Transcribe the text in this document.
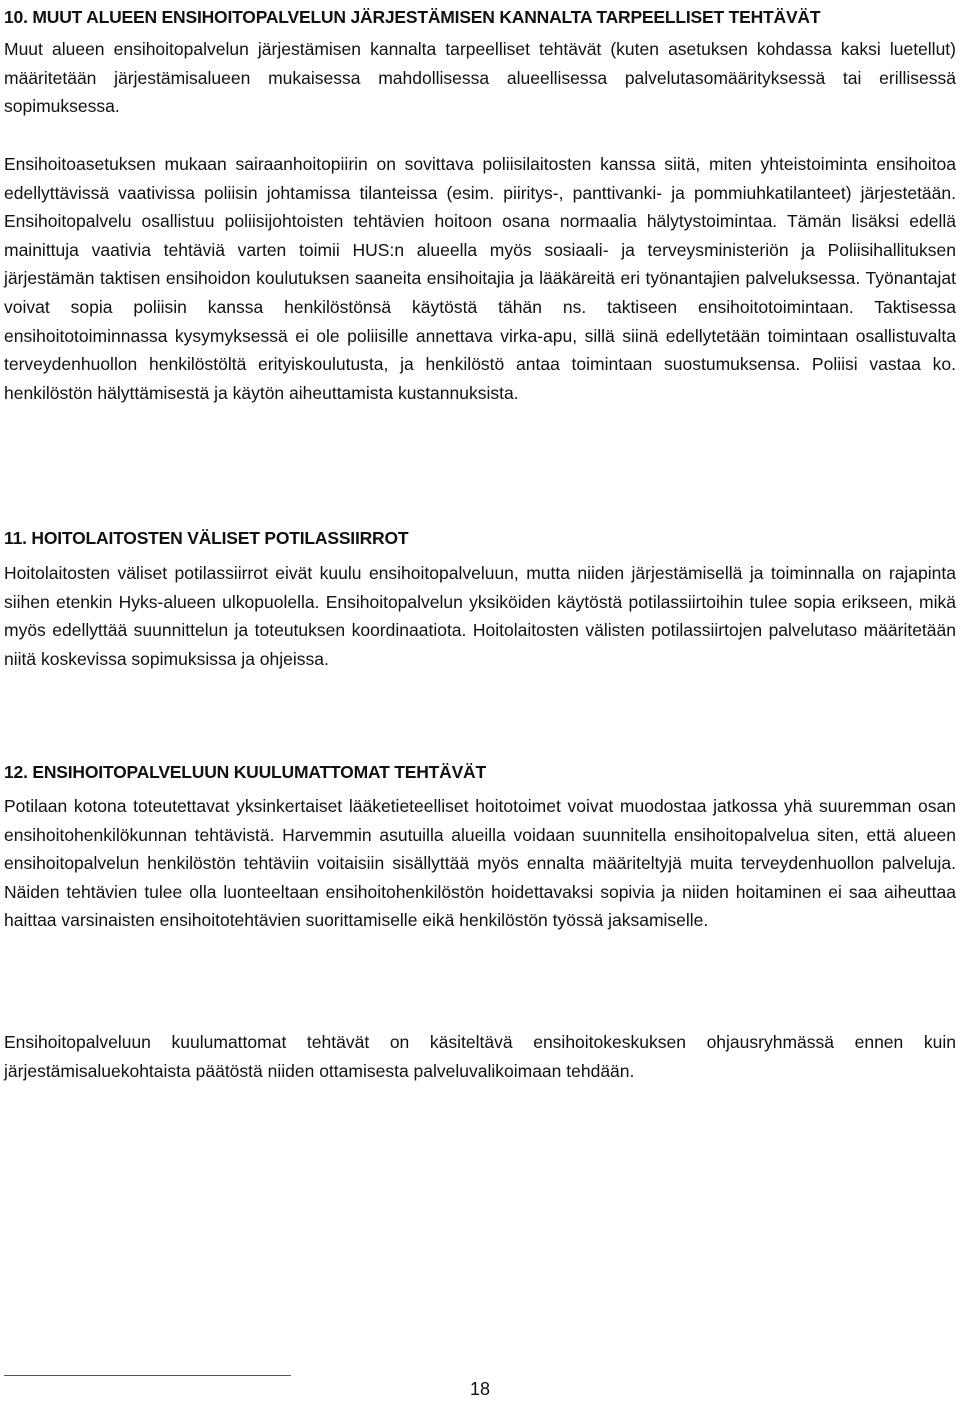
10. MUUT ALUEEN ENSIHOITOPALVELUN JÄRJESTÄMISEN KANNALTA TARPEELLISET TEHTÄVÄT

Muut alueen ensihoitopalvelun järjestämisen kannalta tarpeelliset tehtävät (kuten asetuksen kohdassa kaksi luetellut) määritetään järjestämisalueen mukaisessa mahdollisessa alueellisessa palvelutasomäärityksessä tai erillisessä sopimuksessa.

Ensihoitoasetuksen mukaan sairaanhoitopiirin on sovittava poliisilaitosten kanssa siitä, miten yhteistoiminta ensihoitoa edellyttävissä vaativissa poliisin johtamissa tilanteissa (esim. piiritys-, panttivanki- ja pommiuhkatilanteet) järjestetään. Ensihoitopalvelu osallistuu poliisijohtoisten tehtävien hoitoon osana normaalia hälytystoimintaa. Tämän lisäksi edellä mainittuja vaativia tehtäviä varten toimii HUS:n alueella myös sosiaali- ja terveysministeriön ja Poliisihallituksen järjestämän taktisen ensihoidon koulutuksen saaneita ensihoitajia ja lääkäreitä eri työnantajien palveluksessa. Työnantajat voivat sopia poliisin kanssa henkilöstönsä käytöstä tähän ns. taktiseen ensihoitotoimintaan. Taktisessa ensihoitotoiminnassa kysymyksessä ei ole poliisille annettava virka-apu, sillä siinä edellytetään toimintaan osallistuvalta terveydenhuollon henkilöstöltä erityiskoulutusta, ja henkilöstö antaa toimintaan suostumuksensa. Poliisi vastaa ko. henkilöstön hälyttämisestä ja käytön aiheuttamista kustannuksista.

11. HOITOLAITOSTEN VÄLISET POTILASSIIRROT

Hoitolaitosten väliset potilassiirrot eivät kuulu ensihoitopalveluun, mutta niiden järjestämisellä ja toiminnalla on rajapinta siihen etenkin Hyks-alueen ulkopuolella. Ensihoitopalvelun yksiköiden käytöstä potilassiirtoihin tulee sopia erikseen, mikä myös edellyttää suunnittelun ja toteutuksen koordinaatiota. Hoitolaitosten välisten potilassiirtojen palvelutaso määritetään niitä koskevissa sopimuksissa ja ohjeissa.

12. ENSIHOITOPALVELUUN KUULUMATTOMAT TEHTÄVÄT

Potilaan kotona toteutettavat yksinkertaiset lääketieteelliset hoitotoimet voivat muodostaa jatkossa yhä suuremman osan ensihoitohenkilökunnan tehtävistä. Harvemmin asutuilla alueilla voidaan suunnitella ensihoitopalvelua siten, että alueen ensihoitopalvelun henkilöstön tehtäviin voitaisiin sisällyttää myös ennalta määriteltyjä muita terveydenhuollon palveluja. Näiden tehtävien tulee olla luonteeltaan ensihoitohenkilöstön hoidettavaksi sopivia ja niiden hoitaminen ei saa aiheuttaa haittaa varsinaisten ensihoitotehtävien suorittamiselle eikä henkilöstön työssä jaksamiselle.

Ensihoitopalveluun kuulumattomat tehtävät on käsiteltävä ensihoitokeskuksen ohjausryhmässä ennen kuin järjestämisaluekohtaista päätöstä niiden ottamisesta palveluvalikoimaan tehdään.

18
